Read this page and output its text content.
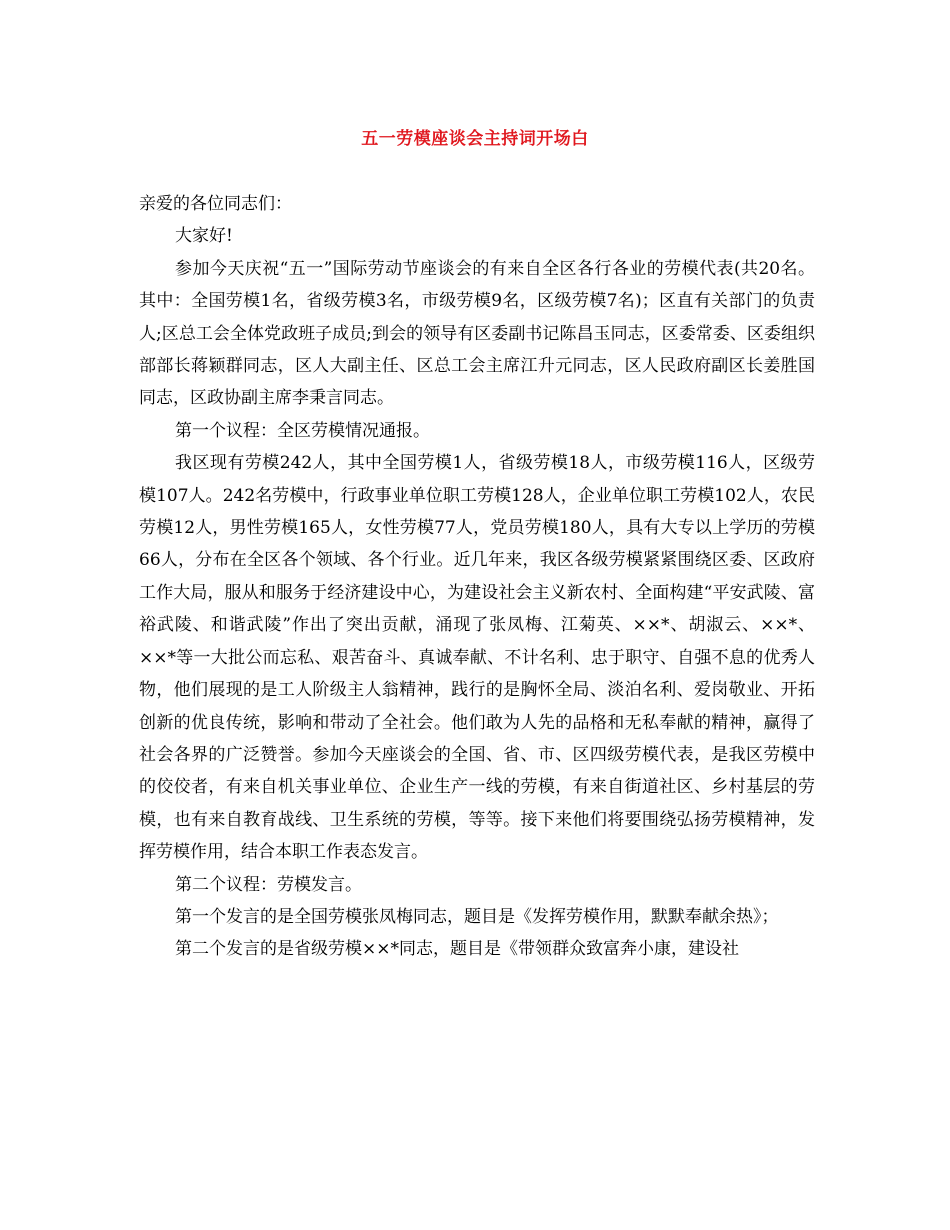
五一劳模座谈会主持词开场白

亲爱的各位同志们：

大家好!

参加今天庆祝“五一”国际劳动节座谈会的有来自全区各行各业的劳模代表(共20名。其中：全国劳模1名，省级劳模3名，市级劳模9名，区级劳模7名)；区直有关部门的负责人;区总工会全体党政班子成员;到会的领导有区委副书记陈昌玉同志，区委常委、区委组织部部长蒋颖群同志，区人大副主任、区总工会主席江升元同志，区人民政府副区长姜胜国同志，区政协副主席李秉言同志。

第一个议程：全区劳模情况通报。

我区现有劳模242人，其中全国劳模1人，省级劳模18人，市级劳模116人，区级劳模107人。242名劳模中，行政事业单位职工劳模128人，企业单位职工劳模102人，农民劳模12人，男性劳模165人，女性劳模77人，党员劳模180人，具有大专以上学历的劳模66人，分布在全区各个领域、各个行业。近几年来，我区各级劳模紧紧围绕区委、区政府工作大局，服从和服务于经济建设中心，为建设社会主义新农村、全面构建“平安武陵、富裕武陵、和谐武陵”作出了突出贡献，涌现了张凤梅、江菊英、××*、胡淑云、××*、××*等一大批公而忘私、艰苦奋斗、真诚奉献、不计名利、忠于职守、自强不息的优秀人物，他们展现的是工人阶级主人翁精神，践行的是胸怀全局、淡泊名利、爱岗敬业、开拓创新的优良传统，影响和带动了全社会。他们敢为人先的品格和无私奉献的精神，赢得了社会各界的广泛赞誉。参加今天座谈会的全国、省、市、区四级劳模代表，是我区劳模中的佼佼者，有来自机关事业单位、企业生产一线的劳模，有来自街道社区、乡村基层的劳模，也有来自教育战线、卫生系统的劳模，等等。接下来他们将要围绕弘扬劳模精神，发挥劳模作用，结合本职工作表态发言。

第二个议程：劳模发言。

第一个发言的是全国劳模张凤梅同志，题目是《发挥劳模作用，默默奉献余热》；

第二个发言的是省级劳模××*同志，题目是《带领群众致富奔小康，建设社
